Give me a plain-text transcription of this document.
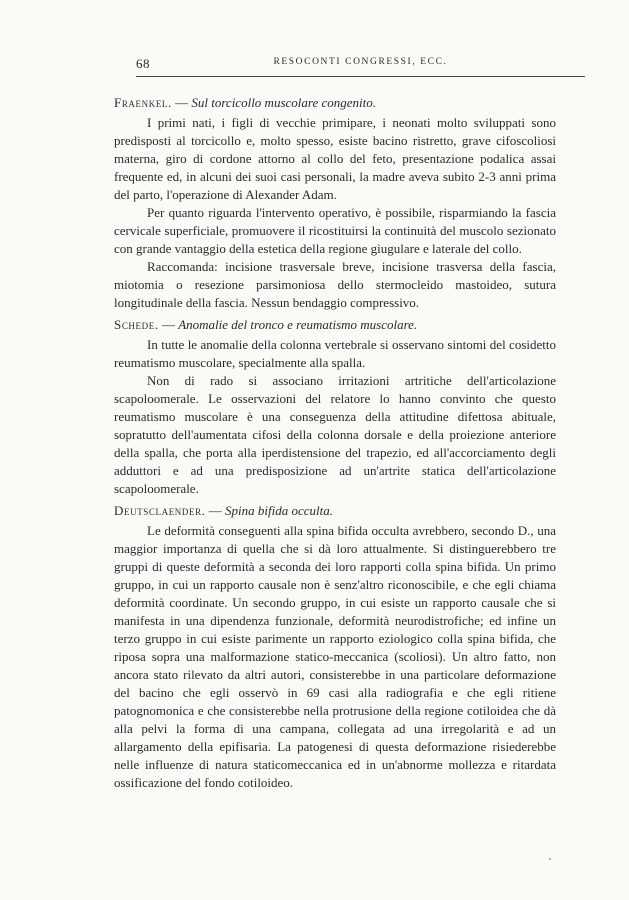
68	RESOCONTI CONGRESSI, ECC.

Fraenkel. — Sul torcicollo muscolare congenito.

I primi nati, i figli di vecchie primipare, i neonati molto sviluppati sono predisposti al torcicollo e, molto spesso, esiste bacino ristretto, grave cifoscoliosi materna, giro di cordone attorno al collo del feto, presentazione podalica assai frequente ed, in alcuni dei suoi casi personali, la madre aveva subito 2-3 anni prima del parto, l'operazione di Alexander Adam.

Per quanto riguarda l'intervento operativo, è possibile, risparmiando la fascia cervicale superficiale, promuovere il ricostituirsi la continuità del muscolo sezionato con grande vantaggio della estetica della regione giugulare e laterale del collo.

Raccomanda: incisione trasversale breve, incisione trasversa della fascia, miotomia o resezione parsimoniosa dello stermocleido mastoideo, sutura longitudinale della fascia. Nessun bendaggio compressivo.

Schede. — Anomalie del tronco e reumatismo muscolare.

In tutte le anomalie della colonna vertebrale si osservano sintomi del cosidetto reumatismo muscolare, specialmente alla spalla.

Non di rado si associano irritazioni artritiche dell'articolazione scapoloomerale. Le osservazioni del relatore lo hanno convinto che questo reumatismo muscolare è una conseguenza della attitudine difettosa abituale, sopratutto dell'aumentata cifosi della colonna dorsale e della proiezione anteriore della spalla, che porta alla iperdistensione del trapezio, ed all'accorciamento degli adduttori e ad una predisposizione ad un'artrite statica dell'articolazione scapoloomerale.

Deutsclaender. — Spina bifida occulta.

Le deformità conseguenti alla spina bifida occulta avrebbero, secondo D., una maggior importanza di quella che si dà loro attualmente. Si distinguerebbero tre gruppi di queste deformità a seconda dei loro rapporti colla spina bifida. Un primo gruppo, in cui un rapporto causale non è senz'altro riconoscibile, e che egli chiama deformità coordinate. Un secondo gruppo, in cui esiste un rapporto causale che si manifesta in una dipendenza funzionale, deformità neurodistrofiche; ed infine un terzo gruppo in cui esiste parimente un rapporto eziologico colla spina bifida, che riposa sopra una malformazione statico-meccanica (scoliosi). Un altro fatto, non ancora stato rilevato da altri autori, consisterebbe in una particolare deformazione del bacino che egli osservò in 69 casi alla radiografia e che egli ritiene patognomonica e che consisterebbe nella protrusione della regione cotiloidea che dà alla pelvi la forma di una campana, collegata ad una irregolarità e ad un allargamento della epifisaria. La patogenesi di questa deformazione risiederebbe nelle influenze di natura staticomeccanica ed in un'abnorme mollezza e ritardata ossificazione del fondo cotiloideo.
